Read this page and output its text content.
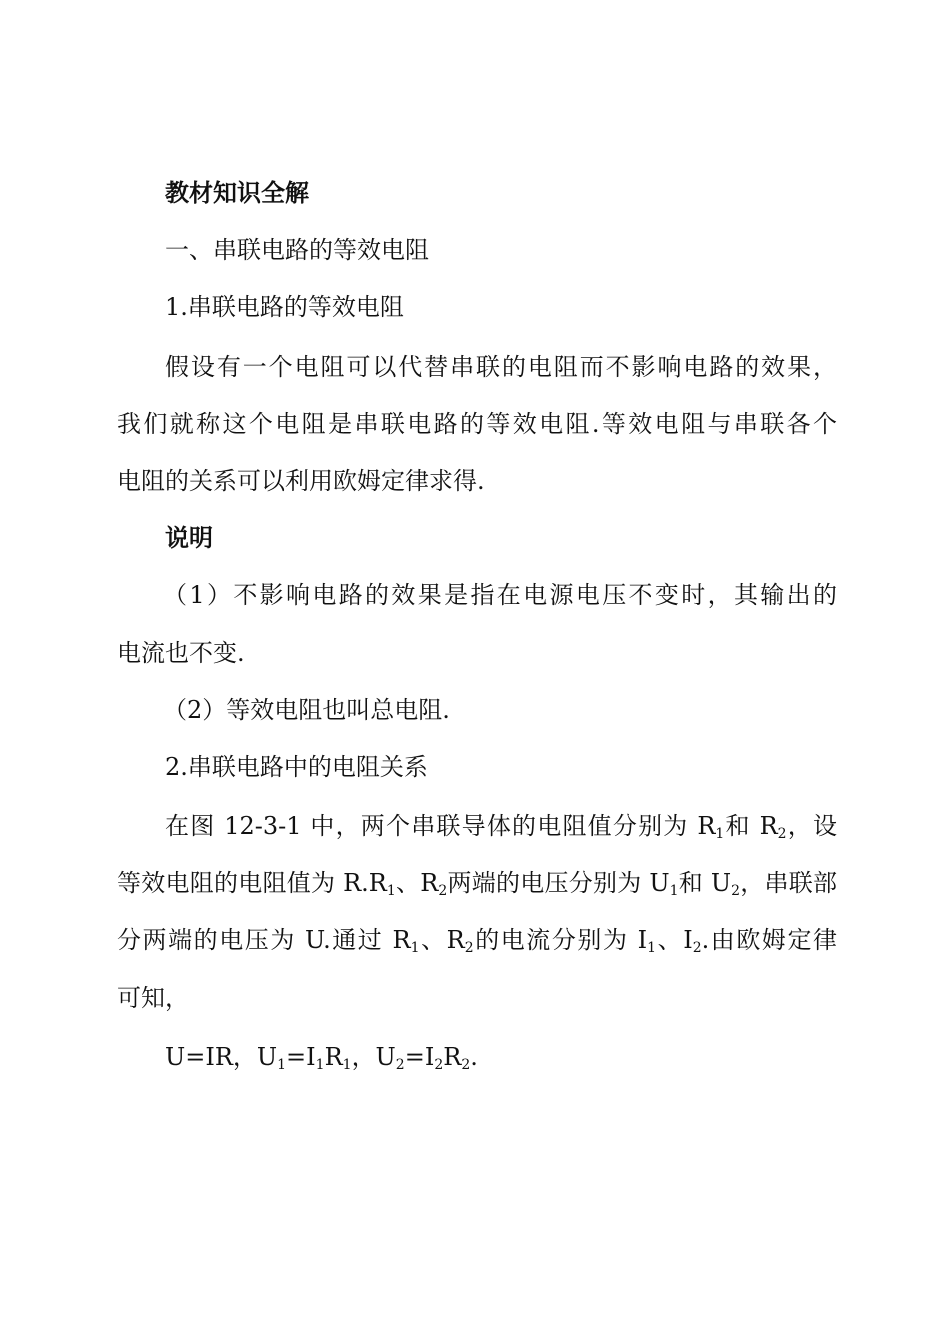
教材知识全解
一、串联电路的等效电阻
1.串联电路的等效电阻
假设有一个电阻可以代替串联的电阻而不影响电路的效果，
我们就称这个电阻是串联电路的等效电阻.等效电阻与串联各个
电阻的关系可以利用欧姆定律求得.
说明
（1）不影响电路的效果是指在电源电压不变时，其输出的
电流也不变.
（2）等效电阻也叫总电阻.
2.串联电路中的电阻关系
在图 12-3-1 中，两个串联导体的电阻值分别为 $R_1$和 $R_2$，设
等效电阻的电阻值为 $R.R_1$、$R_2$两端的电压分别为 $U_1$和 $U_2$，串联部
分两端的电压为 U.通过 $R_1$、$R_2$的电流分别为 $I_1$、$I_2$.由欧姆定律
可知，
U=IR，$U_1=I_1R_1$，$U_2=I_2R_2$.
